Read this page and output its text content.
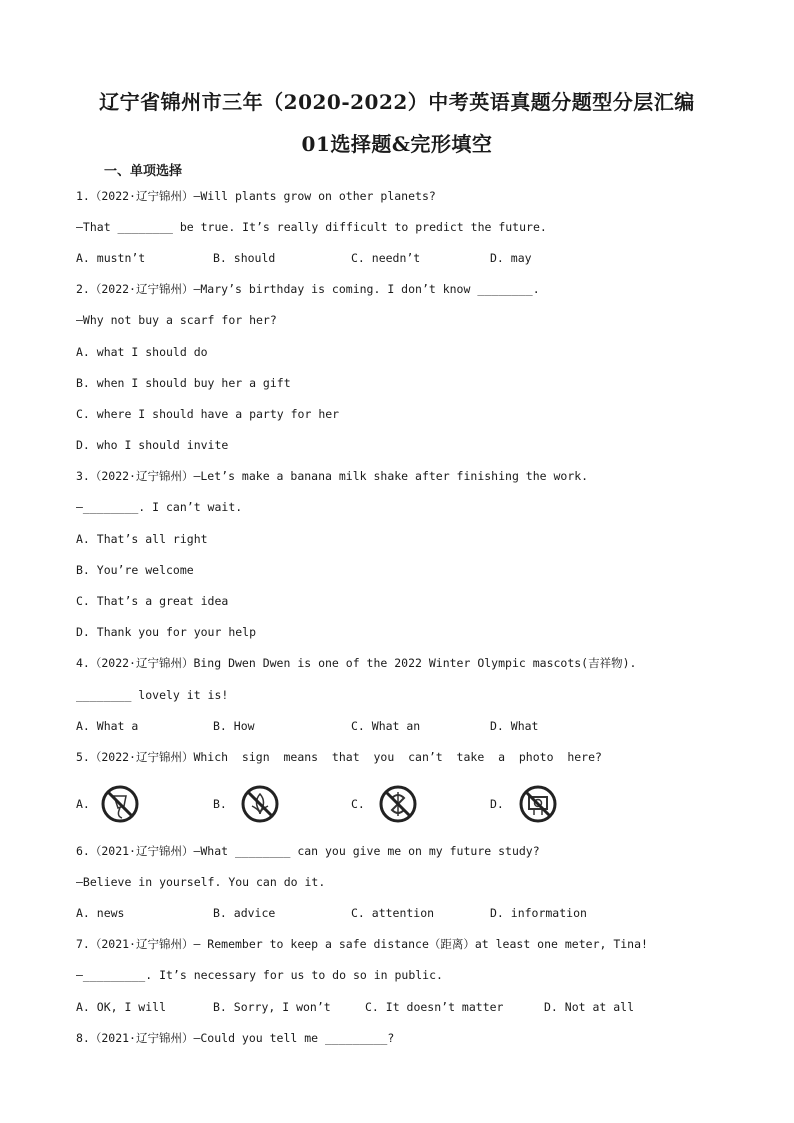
辽宁省锦州市三年（2020-2022）中考英语真题分题型分层汇编
01选择题&完形填空
一、单项选择
1.（2022·辽宁锦州）—Will plants grow on other planets?
—That ________ be true. It’s really difficult to predict the future.
A. mustn’t	B. should	C. needn’t	D. may
2.（2022·辽宁锦州）—Mary’s birthday is coming. I don’t know ________.
—Why not buy a scarf for her?
A. what I should do
B. when I should buy her a gift
C. where I should have a party for her
D. who I should invite
3.（2022·辽宁锦州）—Let’s make a banana milk shake after finishing the work.
—________. I can’t wait.
A. That’s all right
B. You’re welcome
C. That’s a great idea
D. Thank you for your help
4.（2022·辽宁锦州）Bing Dwen Dwen is one of the 2022 Winter Olympic mascots(吉祥物).
________ lovely it is!
A. What a	B. How	C. What an	D. What
5.（2022·辽宁锦州）Which  sign  means  that  you  can’t  take  a  photo  here?
A.	B.	C.	D.
6.（2021·辽宁锦州）—What ________ can you give me on my future study?
—Believe in yourself. You can do it.
A. news	B. advice	C. attention	D. information
7.（2021·辽宁锦州）— Remember to keep a safe distance（距离）at least one meter, Tina!
—_________. It’s necessary for us to do so in public.
A. OK, I will	B. Sorry, I won’t	C. It doesn’t matter	D. Not at all
8.（2021·辽宁锦州）—Could you tell me _________?
